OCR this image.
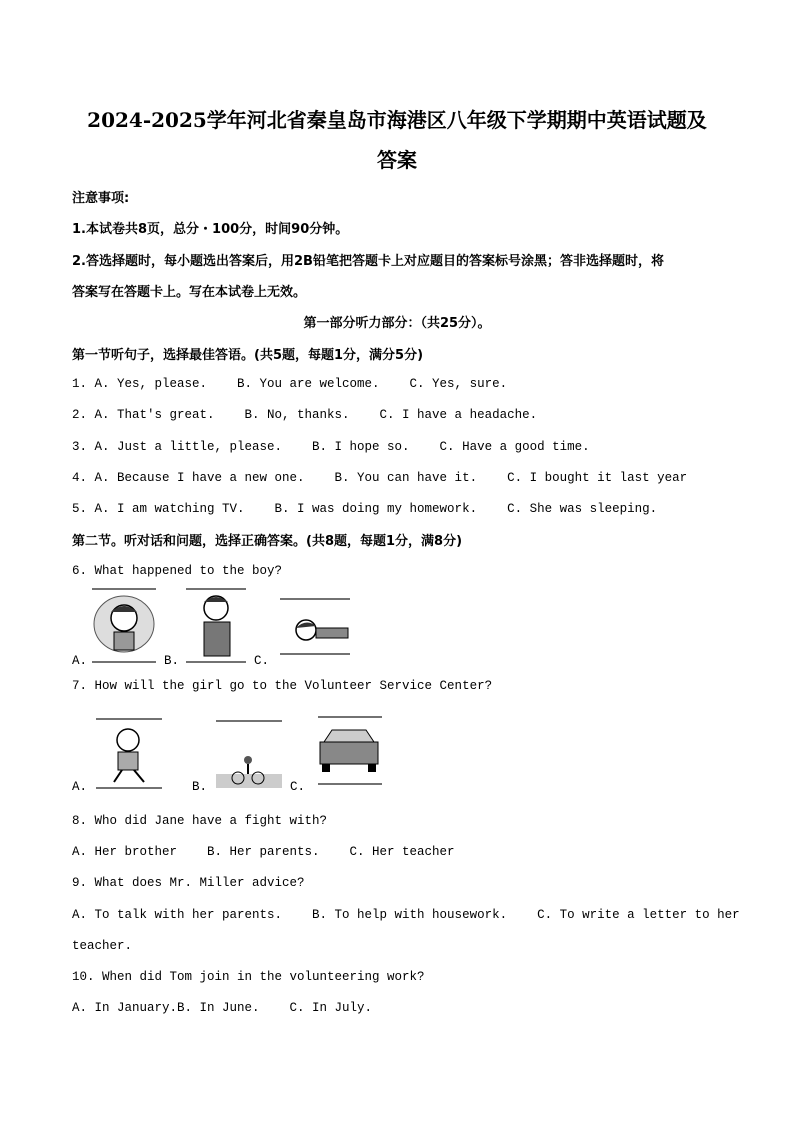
2024-2025学年河北省秦皇岛市海港区八年级下学期期中英语试题及
答案
注意事项:
1.本试卷共8页，总分・100分，时间90分钟。
2.答选择题时，每小题选出答案后，用2B铅笔把答题卡上对应题目的答案标号涂黑；答非选择题时，将
答案写在答题卡上。写在本试卷上无效。
第一部分听力部分：（共25分）。
第一节听句子，选择最佳答语。(共5题，每题1分，满分5分)
1. A. Yes, please.    B. You are welcome.    C. Yes, sure.
2. A. That's great.    B. No, thanks.    C. I have a headache.
3. A. Just a little, please.    B. I hope so.    C. Have a good time.
4. A. Because I have a new one.    B. You can have it.    C. I bought it last year
5. A. I am watching TV.    B. I was doing my homework.    C. She was sleeping.
第二节。听对话和问题，选择正确答案。(共8题，每题1分，满8分)
6. What happened to the boy?
A.	B.	C.
7. How will the girl go to the Volunteer Service Center?
A.	B.	C.
8. Who did Jane have a fight with?
A. Her brother    B. Her parents.    C. Her teacher
9. What does Mr. Miller advice?
A. To talk with her parents.    B. To help with housework.    C. To write a letter to her
teacher.
10. When did Tom join in the volunteering work?
A. In January.B. In June.    C. In July.
